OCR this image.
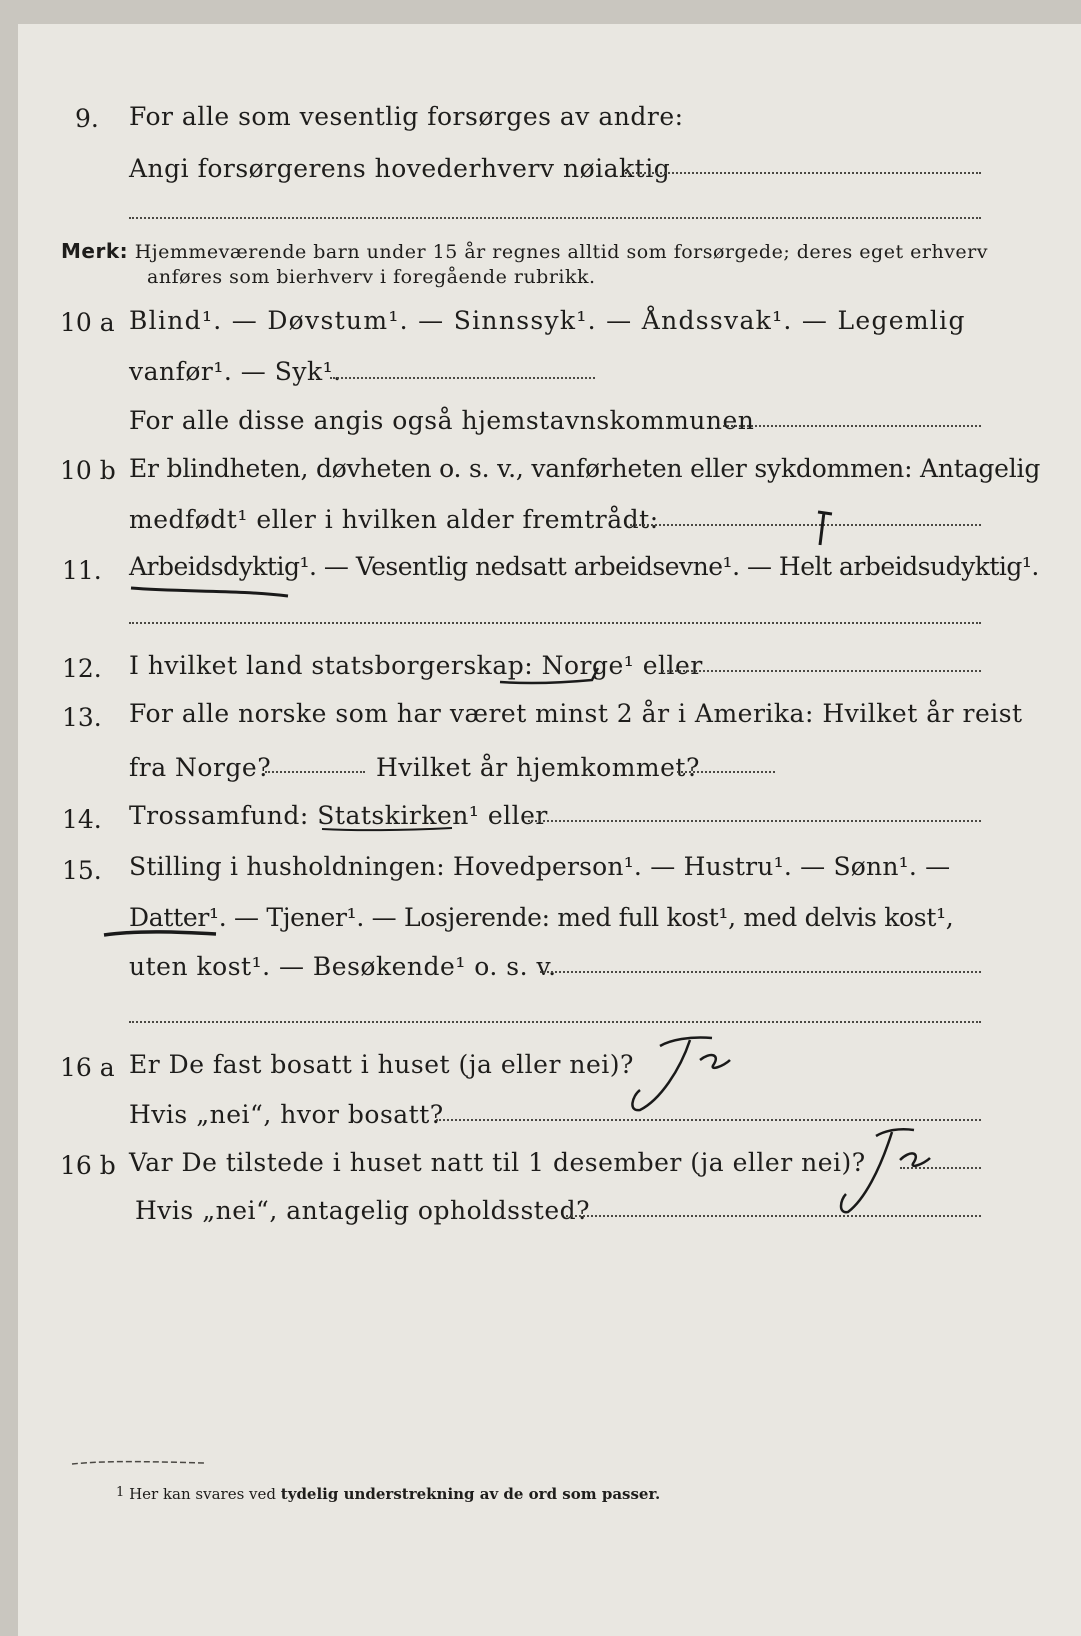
9. For alle som vesentlig forsørges av andre:
Angi forsørgerens hovederhverv nøiaktig
Merk: Hjemmeværende barn under 15 år regnes alltid som forsørgede; deres eget erhverv
anføres som bierhverv i foregående rubrikk.
10 a Blind¹. — Døvstum¹. — Sinnssyk¹. — Åndssvak¹. — Legemlig
vanfør¹. — Syk¹.
For alle disse angis også hjemstavnskommunen
10 b Er blindheten, døvheten o. s. v., vanførheten eller sykdommen: Antagelig
medfødt¹ eller i hvilken alder fremtrådt:
11. Arbeidsdyktig¹. — Vesentlig nedsatt arbeidsevne¹. — Helt arbeidsudyktig¹.
12. I hvilket land statsborgerskap: Norge¹ eller
13. For alle norske som har været minst 2 år i Amerika: Hvilket år reist
fra Norge?	Hvilket år hjemkommet?
14. Trossamfund: Statskirken¹ eller
15. Stilling i husholdningen: Hovedperson¹. — Hustru¹. — Sønn¹. —
Datter¹. — Tjener¹. — Losjerende: med full kost¹, med delvis kost¹,
uten kost¹. — Besøkende¹ o. s. v.
16 a Er De fast bosatt i huset (ja eller nei)?
Hvis „nei“, hvor bosatt?
16 b Var De tilstede i huset natt til 1 desember (ja eller nei)?
Hvis „nei“, antagelig opholdssted?
$^1$ Her kan svares ved tydelig understrekning av de ord som passer.
